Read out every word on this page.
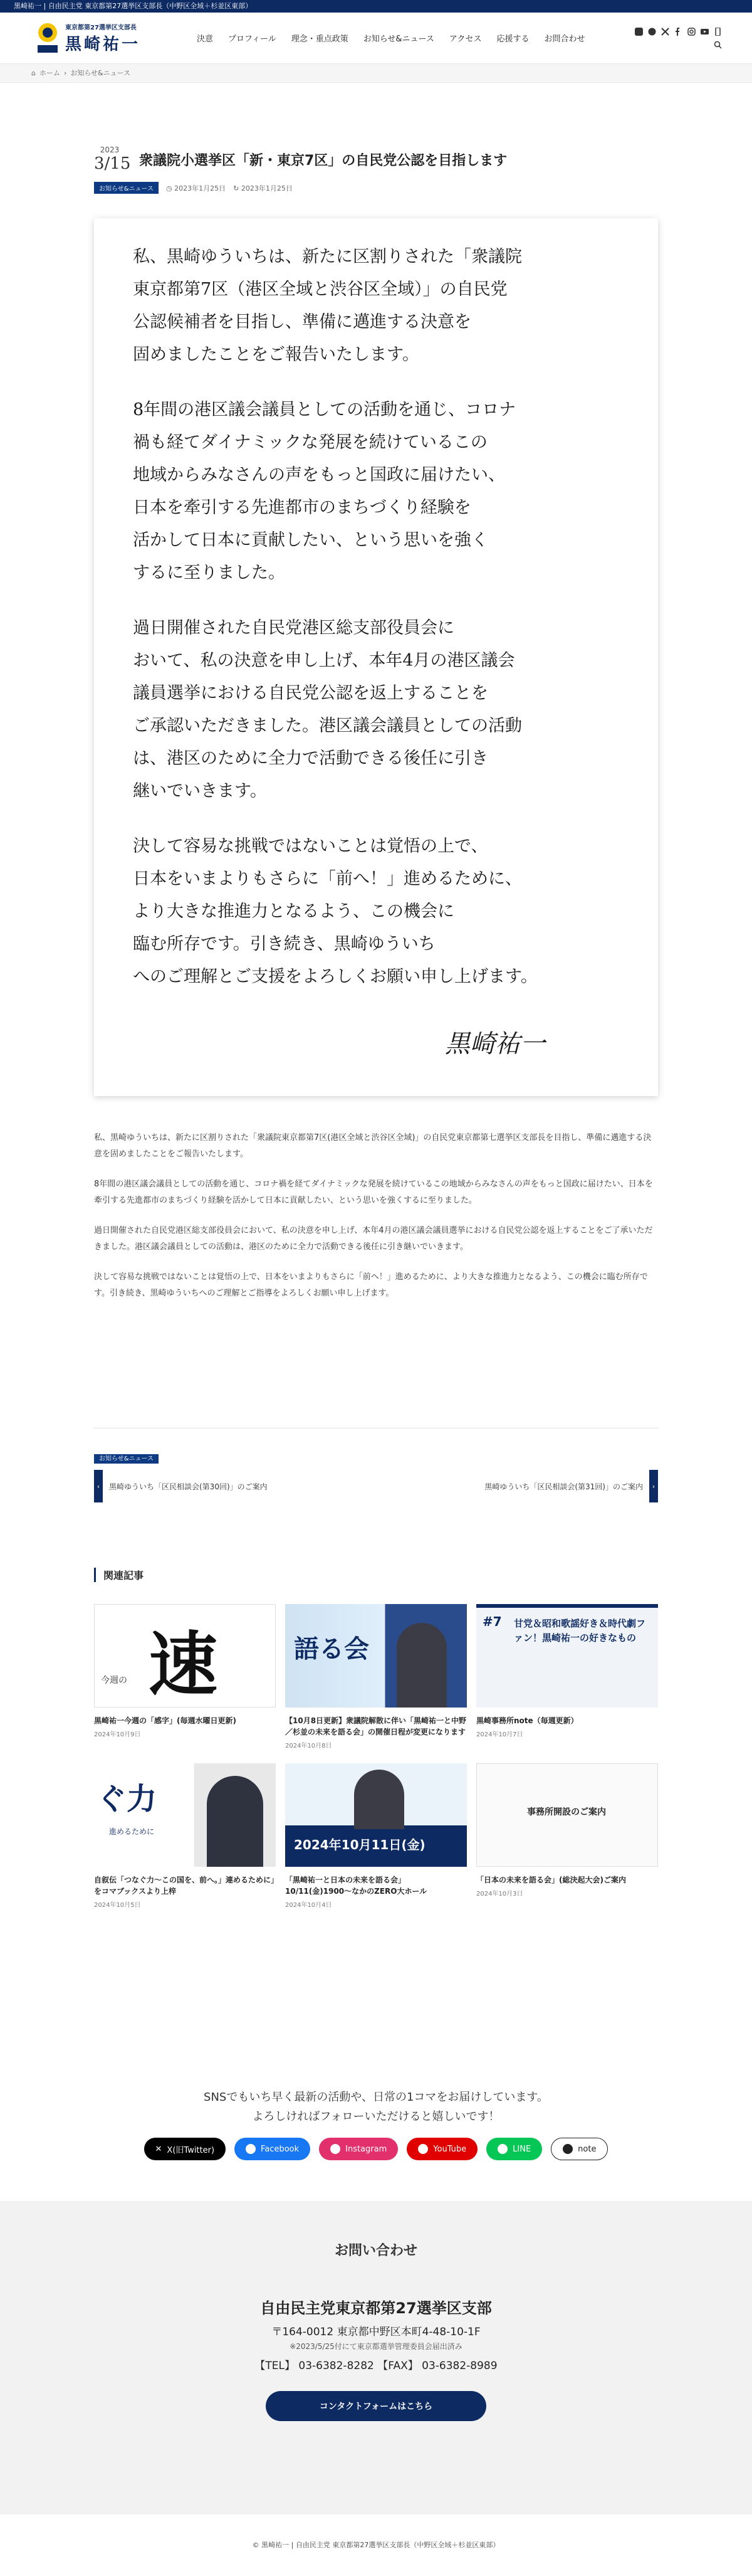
黒崎祐一 | 自由民主党 東京都第27選挙区支部長（中野区全域＋杉並区東部）
東京都第27選挙区支部長
黒崎祐一	決意 プロフィール 理念・重点政策 お知らせ&ニュース アクセス 応援する お問合わせ
⌂ ホーム › お知らせ&ニュース
2023
3/15 衆議院小選挙区「新・東京7区」の自民党公認を目指します
お知らせ&ニュース	◷ 2023年1月25日 ↻ 2023年1月25日
私、黒崎ゆういちは、新たに区割りされた「衆議院
東京都第7区（港区全域と渋谷区全域）」の自民党
公認候補者を目指し、準備に邁進する決意を
固めましたことをご報告いたします。
8年間の港区議会議員としての活動を通じ、コロナ
禍も経てダイナミックな発展を続けているこの
地域からみなさんの声をもっと国政に届けたい、
日本を牽引する先進都市のまちづくり経験を
活かして日本に貢献したい、という思いを強く
するに至りました。
過日開催された自民党港区総支部役員会に
おいて、私の決意を申し上げ、本年4月の港区議会
議員選挙における自民党公認を返上することを
ご承認いただきました。港区議会議員としての活動
は、港区のために全力で活動できる後任に引き
継いでいきます。
決して容易な挑戦ではないことは覚悟の上で、
日本をいまよりもさらに「前へ！」進めるために、
より大きな推進力となるよう、この機会に
臨む所存です。引き続き、黒崎ゆういち
へのご理解とご支援をよろしくお願い申し上げます。
黒崎祐一

私、黒崎ゆういちは、新たに区割りされた「衆議院東京都第7区(港区全域と渋谷区全域)」の自民党東京都第七選挙区支部長を目指し、準備に邁進する決意を固めましたことをご報告いたします。

8年間の港区議会議員としての活動を通じ、コロナ禍を経てダイナミックな発展を続けているこの地域からみなさんの声をもっと国政に届けたい、日本を牽引する先進都市のまちづくり経験を活かして日本に貢献したい、という思いを強くするに至りました。

過日開催された自民党港区総支部役員会において、私の決意を申し上げ、本年4月の港区議会議員選挙における自民党公認を返上することをご了承いただきました。港区議会議員としての活動は、港区のために全力で活動できる後任に引き継いでいきます。

決して容易な挑戦ではないことは覚悟の上で、日本をいまよりもさらに「前へ！」進めるために、より大きな推進力となるよう、この機会に臨む所存です。引き続き、黒崎ゆういちへのご理解とご指導をよろしくお願い申し上げます。

お知らせ&ニュース
‹	黒崎ゆういち「区民相談会(第30回)」のご案内	黒崎ゆういち「区民相談会(第31回)」のご案内	›
関連記事
今週の 速
黒崎祐一今週の「感字」(毎週水曜日更新)
2024年10月9日
語る会
【10月8日更新】衆議院解散に伴い「黒崎祐一と中野／杉並の未来を語る会」の開催日程が変更になります
2024年10月8日
#7 甘党＆昭和歌謡好き＆時代劇ファン！黒崎祐一の好きなもの
黒崎事務所note（毎週更新）
2024年10月7日
ぐ力
進めるために
自叙伝「つなぐ力〜この国を、前へ。」連めるために」をコマブックスより上梓
2024年10月5日
2024年10月11日(金)
「黒崎祐一と日本の未来を語る会」10/11(金)1900〜なかのZERO大ホール
2024年10月4日
事務所開設のご案内
「日本の未来を語る会」(総決起大会)ご案内
2024年10月3日
SNSでもいち早く最新の活動や、日常の1コマをお届けしています。
よろしければフォローいただけると嬉しいです！
✕ X(旧Twitter)	Facebook	Instagram	YouTube	LINE	note
お問い合わせ
自由民主党東京都第27選挙区支部
〒164-0012 東京都中野区本町4-48-10-1F
※2023/5/25付にて東京都選挙管理委員会届出済み
【TEL】 03-6382-8282 【FAX】 03-6382-8989
コンタクトフォームはこちら
© 黒崎祐一 | 自由民主党 東京都第27選挙区支部長（中野区全域＋杉並区東部）
